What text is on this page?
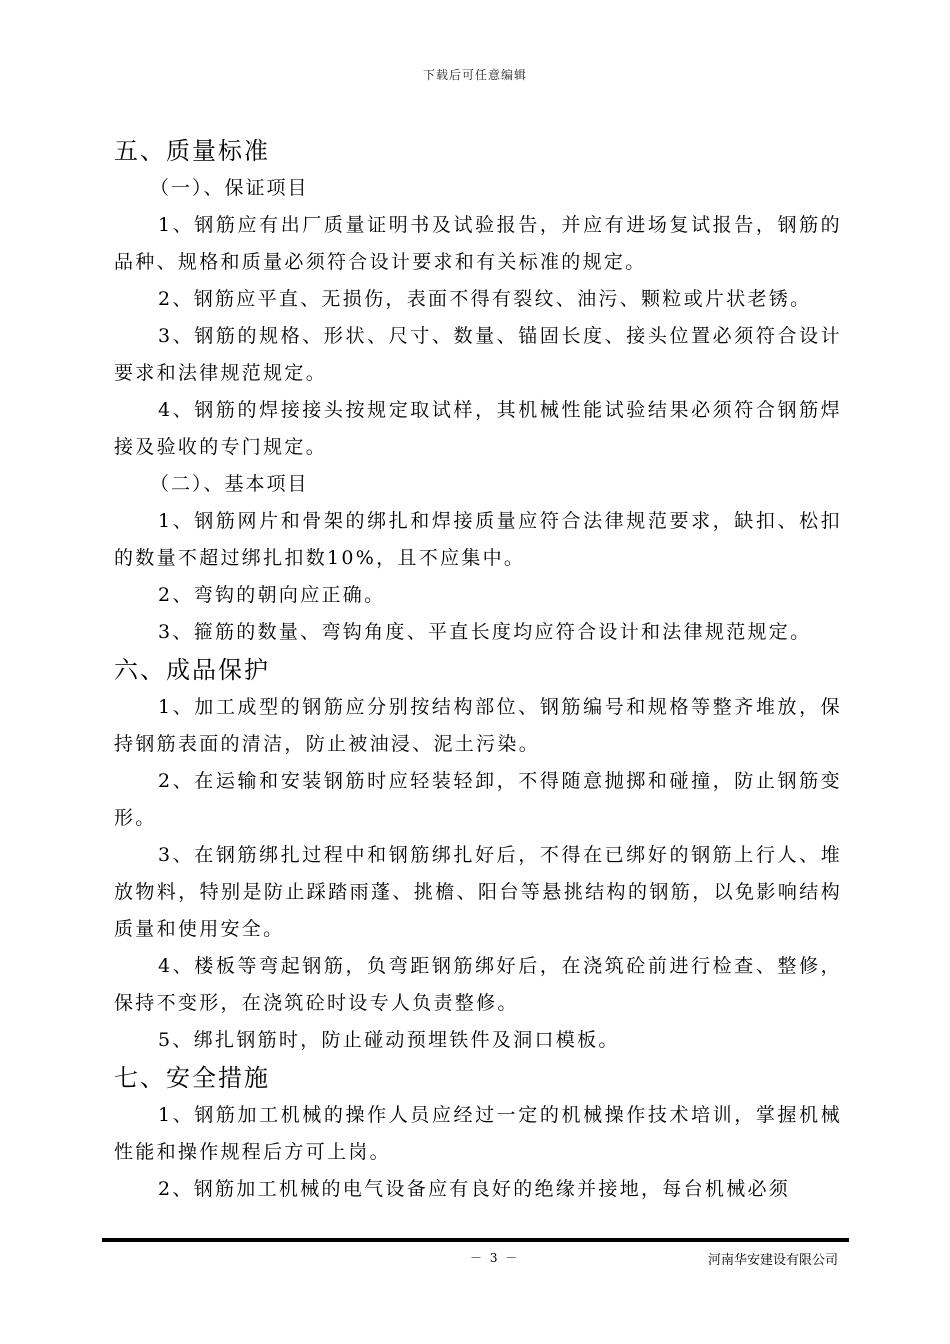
下载后可任意编辑
五、质量标准
（一）、保证项目
1、钢筋应有出厂质量证明书及试验报告，并应有进场复试报告，钢筋的品种、规格和质量必须符合设计要求和有关标准的规定。
2、钢筋应平直、无损伤，表面不得有裂纹、油污、颗粒或片状老锈。
3、钢筋的规格、形状、尺寸、数量、锚固长度、接头位置必须符合设计要求和法律规范规定。
4、钢筋的焊接接头按规定取试样，其机械性能试验结果必须符合钢筋焊接及验收的专门规定。
（二）、基本项目
1、钢筋网片和骨架的绑扎和焊接质量应符合法律规范要求，缺扣、松扣的数量不超过绑扎扣数10%，且不应集中。
2、弯钩的朝向应正确。
3、箍筋的数量、弯钩角度、平直长度均应符合设计和法律规范规定。
六、成品保护
1、加工成型的钢筋应分别按结构部位、钢筋编号和规格等整齐堆放，保持钢筋表面的清洁，防止被油浸、泥土污染。
2、在运输和安装钢筋时应轻装轻卸，不得随意抛掷和碰撞，防止钢筋变形。
3、在钢筋绑扎过程中和钢筋绑扎好后，不得在已绑好的钢筋上行人、堆放物料，特别是防止踩踏雨蓬、挑檐、阳台等悬挑结构的钢筋，以免影响结构质量和使用安全。
4、楼板等弯起钢筋，负弯距钢筋绑好后，在浇筑砼前进行检查、整修，保持不变形，在浇筑砼时设专人负责整修。
5、绑扎钢筋时，防止碰动预埋铁件及洞口模板。
七、安全措施
1、钢筋加工机械的操作人员应经过一定的机械操作技术培训，掌握机械性能和操作规程后方可上岗。
2、钢筋加工机械的电气设备应有良好的绝缘并接地，每台机械必须
－ 3 －	河南华安建设有限公司
